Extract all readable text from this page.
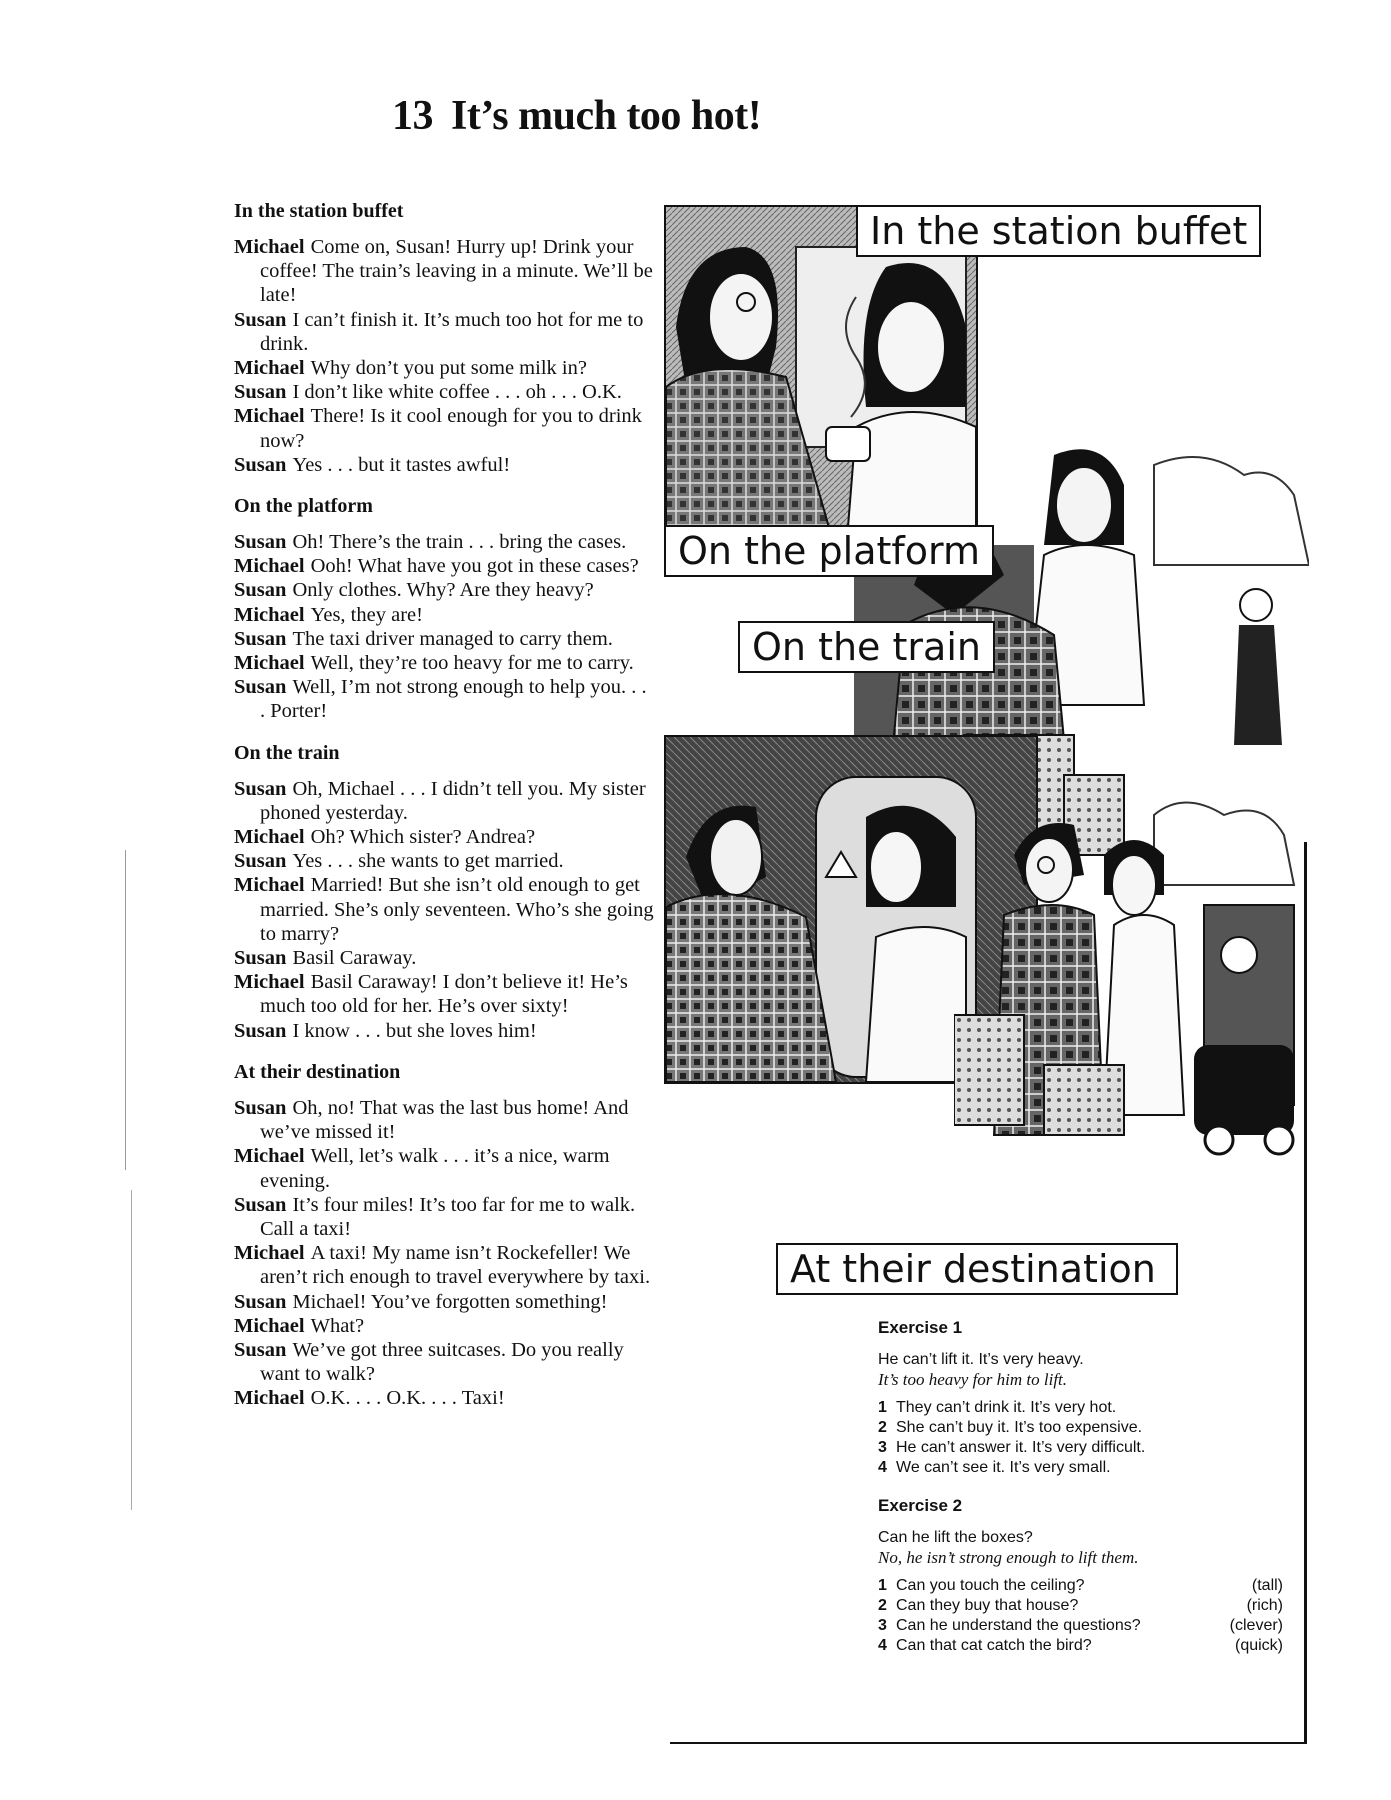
13 It’s much too hot!

In the station buffet

Michael Come on, Susan! Hurry up! Drink your coffee! The train’s leaving in a minute. We’ll be late!

Susan I can’t finish it. It’s much too hot for me to drink.

Michael Why don’t you put some milk in?

Susan I don’t like white coffee . . . oh . . . O.K.

Michael There! Is it cool enough for you to drink now?

Susan Yes . . . but it tastes awful!

On the platform

Susan Oh! There’s the train . . . bring the cases.

Michael Ooh! What have you got in these cases?

Susan Only clothes. Why? Are they heavy?

Michael Yes, they are!

Susan The taxi driver managed to carry them.

Michael Well, they’re too heavy for me to carry.

Susan Well, I’m not strong enough to help you. . . . Porter!

On the train

Susan Oh, Michael . . . I didn’t tell you. My sister phoned yesterday.

Michael Oh? Which sister? Andrea?

Susan Yes . . . she wants to get married.

Michael Married! But she isn’t old enough to get married. She’s only seventeen. Who’s she going to marry?

Susan Basil Caraway.

Michael Basil Caraway! I don’t believe it! He’s much too old for her. He’s over sixty!

Susan I know . . . but she loves him!

At their destination

Susan Oh, no! That was the last bus home! And we’ve missed it!

Michael Well, let’s walk . . . it’s a nice, warm evening.

Susan It’s four miles! It’s too far for me to walk. Call a taxi!

Michael A taxi! My name isn’t Rockefeller! We aren’t rich enough to travel everywhere by taxi.

Susan Michael! You’ve forgotten something!

Michael What?

Susan We’ve got three suitcases. Do you really want to walk?

Michael O.K. . . . O.K. . . . Taxi!

In the station buffet
On the platform
On the train
At their destination

Exercise 1

He can’t lift it. It’s very heavy.

It’s too heavy for him to lift.

1 They can’t drink it. It’s very hot.
2 She can’t buy it. It’s too expensive.
3 He can’t answer it. It’s very difficult.
4 We can’t see it. It’s very small.

Exercise 2

Can he lift the boxes?

No, he isn’t strong enough to lift them.

1 Can you touch the ceiling?	(tall)
2 Can they buy that house?	(rich)
3 Can he understand the questions?	(clever)
4 Can that cat catch the bird?	(quick)
